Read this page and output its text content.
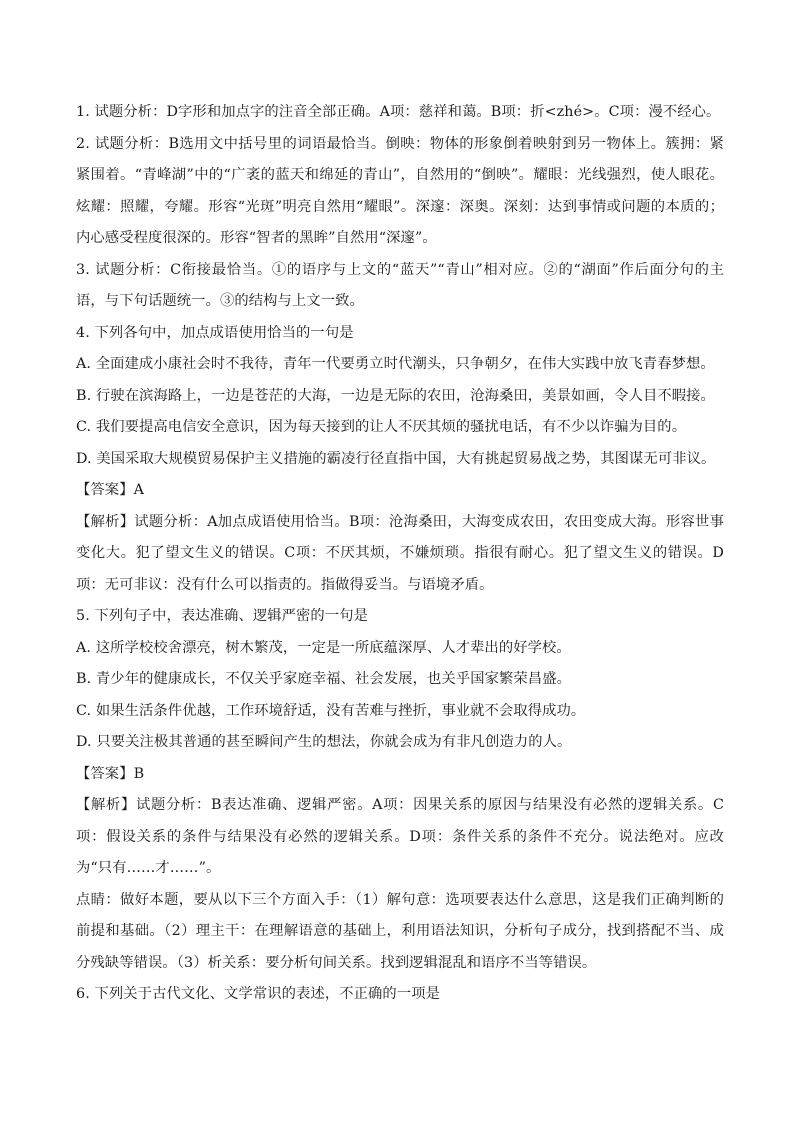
1. 试题分析：D字形和加点字的注音全部正确。A项：慈祥和蔼。B项：折<zhé>。C项：漫不经心。

2. 试题分析：B选用文中括号里的词语最恰当。倒映：物体的形象倒着映射到另一物体上。簇拥：紧紧围着。“青峰湖”中的“广袤的蓝天和绵延的青山”，自然用的“倒映”。耀眼：光线强烈，使人眼花。炫耀：照耀，夸耀。形容“光斑”明亮自然用“耀眼”。深邃：深奥。深刻：达到事情或问题的本质的；内心感受程度很深的。形容“智者的黑眸”自然用“深邃”。

3. 试题分析：C衔接最恰当。①的语序与上文的“蓝天”“青山”相对应。②的“湖面”作后面分句的主语，与下句话题统一。③的结构与上文一致。

4. 下列各句中，加点成语使用恰当的一句是

A. 全面建成小康社会时不我待，青年一代要勇立时代潮头，只争朝夕，在伟大实践中放飞青春梦想。

B. 行驶在滨海路上，一边是苍茫的大海，一边是无际的农田，沧海桑田，美景如画，令人目不暇接。

C. 我们要提高电信安全意识，因为每天接到的让人不厌其烦的骚扰电话，有不少以诈骗为目的。

D. 美国采取大规模贸易保护主义措施的霸凌行径直指中国，大有挑起贸易战之势，其图谋无可非议。

【答案】A

【解析】试题分析：A加点成语使用恰当。B项：沧海桑田，大海变成农田，农田变成大海。形容世事变化大。犯了望文生义的错误。C项：不厌其烦，不嫌烦琐。指很有耐心。犯了望文生义的错误。D项：无可非议：没有什么可以指责的。指做得妥当。与语境矛盾。

5. 下列句子中，表达准确、逻辑严密的一句是

A. 这所学校校舍漂亮，树木繁茂，一定是一所底蕴深厚、人才辈出的好学校。

B. 青少年的健康成长，不仅关乎家庭幸福、社会发展，也关乎国家繁荣昌盛。

C. 如果生活条件优越，工作环境舒适，没有苦难与挫折，事业就不会取得成功。

D. 只要关注极其普通的甚至瞬间产生的想法，你就会成为有非凡创造力的人。

【答案】B

【解析】试题分析：B表达准确、逻辑严密。A项：因果关系的原因与结果没有必然的逻辑关系。C项：假设关系的条件与结果没有必然的逻辑关系。D项：条件关系的条件不充分。说法绝对。应改为“只有……才……”。

点睛：做好本题，要从以下三个方面入手：（1）解句意：选项要表达什么意思，这是我们正确判断的前提和基础。（2）理主干：在理解语意的基础上，利用语法知识，分析句子成分，找到搭配不当、成分残缺等错误。（3）析关系：要分析句间关系。找到逻辑混乱和语序不当等错误。

6. 下列关于古代文化、文学常识的表述，不正确的一项是
